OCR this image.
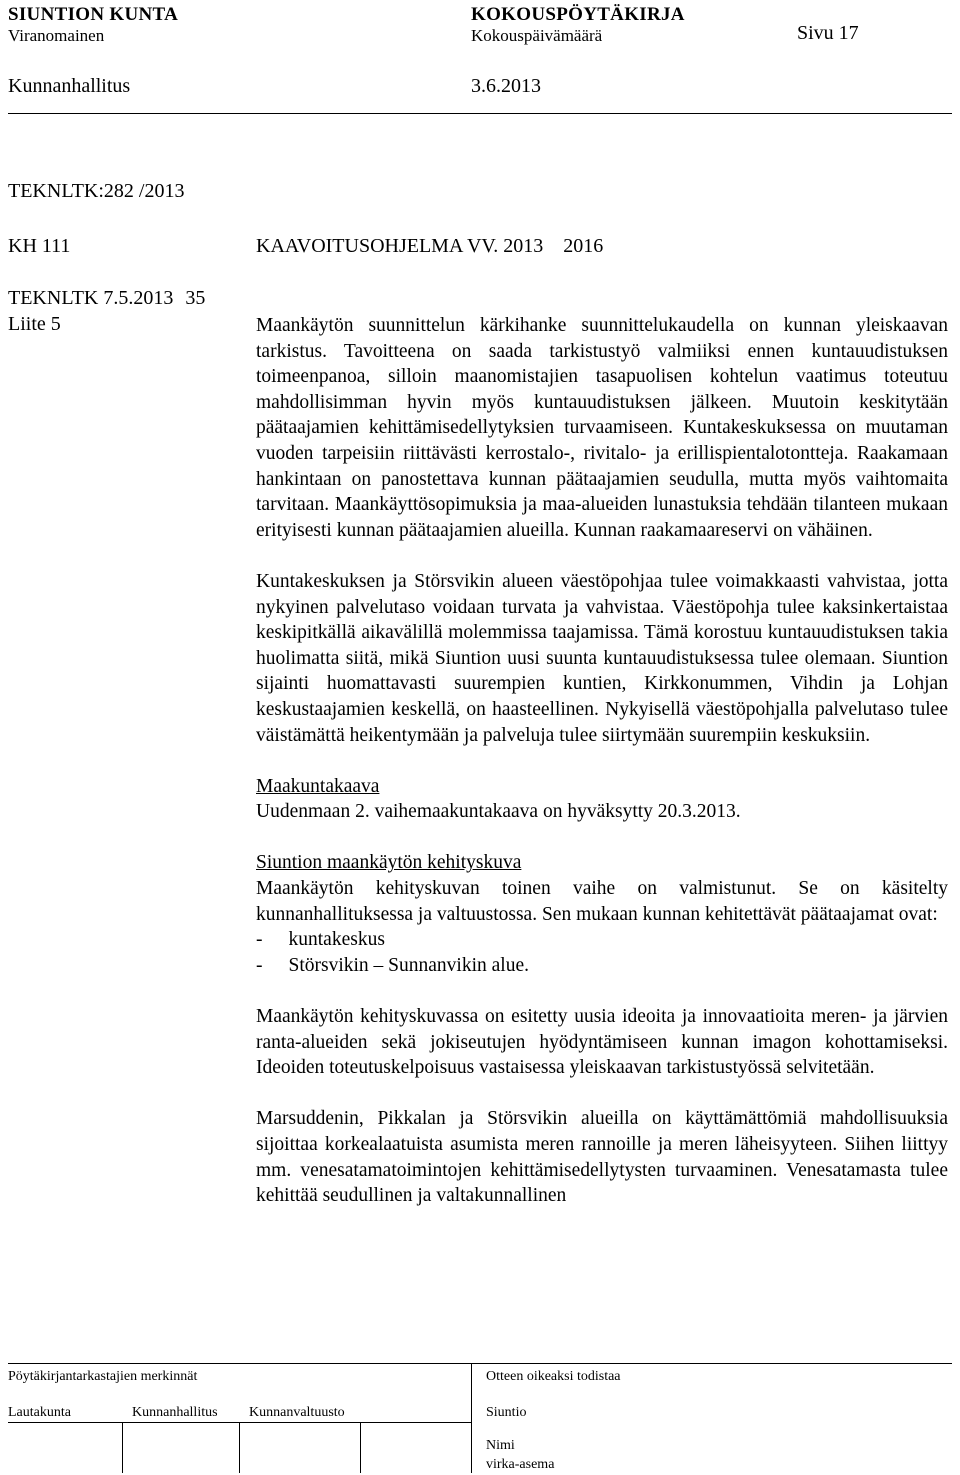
SIUNTION KUNTA	KOKOUSPÖYTÄKIRJA
Viranomainen	Kokouspäivämäärä	Sivu 17
Kunnanhallitus	3.6.2013
TEKNLTK:282 /2013
KH 111	KAAVOITUSOHJELMA VV. 2013 2016
TEKNLTK 7.5.2013 35
Liite 5	Maankäytön suunnittelun kärkihanke suunnittelukaudella on kunnan yleiskaavan tarkistus. Tavoitteena on saada tarkistustyö valmiiksi ennen kuntauudistuksen toimeenpanoa, silloin maanomistajien tasapuolisen kohtelun vaatimus toteutuu mahdollisimman hyvin myös kuntauudistuksen jälkeen. Muutoin keskitytään päätaajamien kehittämisedellytyksien turvaamiseen. Kuntakeskuksessa on muutaman vuoden tarpeisiin riittävästi kerrostalo-, rivitalo- ja erillispientalotontteja. Raakamaan hankintaan on panostettava kunnan päätaajamien seudulla, mutta myös vaihtomaita tarvitaan. Maankäyttösopimuksia ja maa-alueiden lunastuksia tehdään tilanteen mukaan erityisesti kunnan päätaajamien alueilla. Kunnan raakamaareservi on vähäinen.

Kuntakeskuksen ja Störsvikin alueen väestöpohjaa tulee voimakkaasti vahvistaa, jotta nykyinen palvelutaso voidaan turvata ja vahvistaa. Väestöpohja tulee kaksinkertaistaa keskipitkällä aikavälillä molemmissa taajamissa. Tämä korostuu kuntauudistuksen takia huolimatta siitä, mikä Siuntion uusi suunta kuntauudistuksessa tulee olemaan. Siuntion sijainti huomattavasti suurempien kuntien, Kirkkonummen, Vihdin ja Lohjan keskustaajamien keskellä, on haasteellinen. Nykyisellä väestöpohjalla palvelutaso tulee väistämättä heikentymään ja palveluja tulee siirtymään suurempiin keskuksiin.

Maakuntakaava

Uudenmaan 2. vaihemaakuntakaava on hyväksytty 20.3.2013.

Siuntion maankäytön kehityskuva

Maankäytön kehityskuvan toinen vaihe on valmistunut. Se on käsitelty kunnanhallituksessa ja valtuustossa. Sen mukaan kunnan kehitettävät päätaajamat ovat:

- kuntakeskus
- Störsvikin – Sunnanvikin alue.

Maankäytön kehityskuvassa on esitetty uusia ideoita ja innovaatioita meren- ja järvien ranta-alueiden sekä jokiseutujen hyödyntämiseen kunnan imagon kohottamiseksi. Ideoiden toteutuskelpoisuus vastaisessa yleiskaavan tarkistustyössä selvitetään.

Marsuddenin, Pikkalan ja Störsvikin alueilla on käyttämättömiä mahdollisuuksia sijoittaa korkealaatuista asumista meren rannoille ja meren läheisyyteen. Siihen liittyy mm. venesatamatoimintojen kehittämisedellytysten turvaaminen. Venesatamasta tulee kehittää seudullinen ja valtakunnallinen

Pöytäkirjantarkastajien merkinnät	Otteen oikeaksi todistaa
Lautakunta	Kunnanhallitus Kunnanvaltuusto	Siuntio
Nimi
virka-asema
